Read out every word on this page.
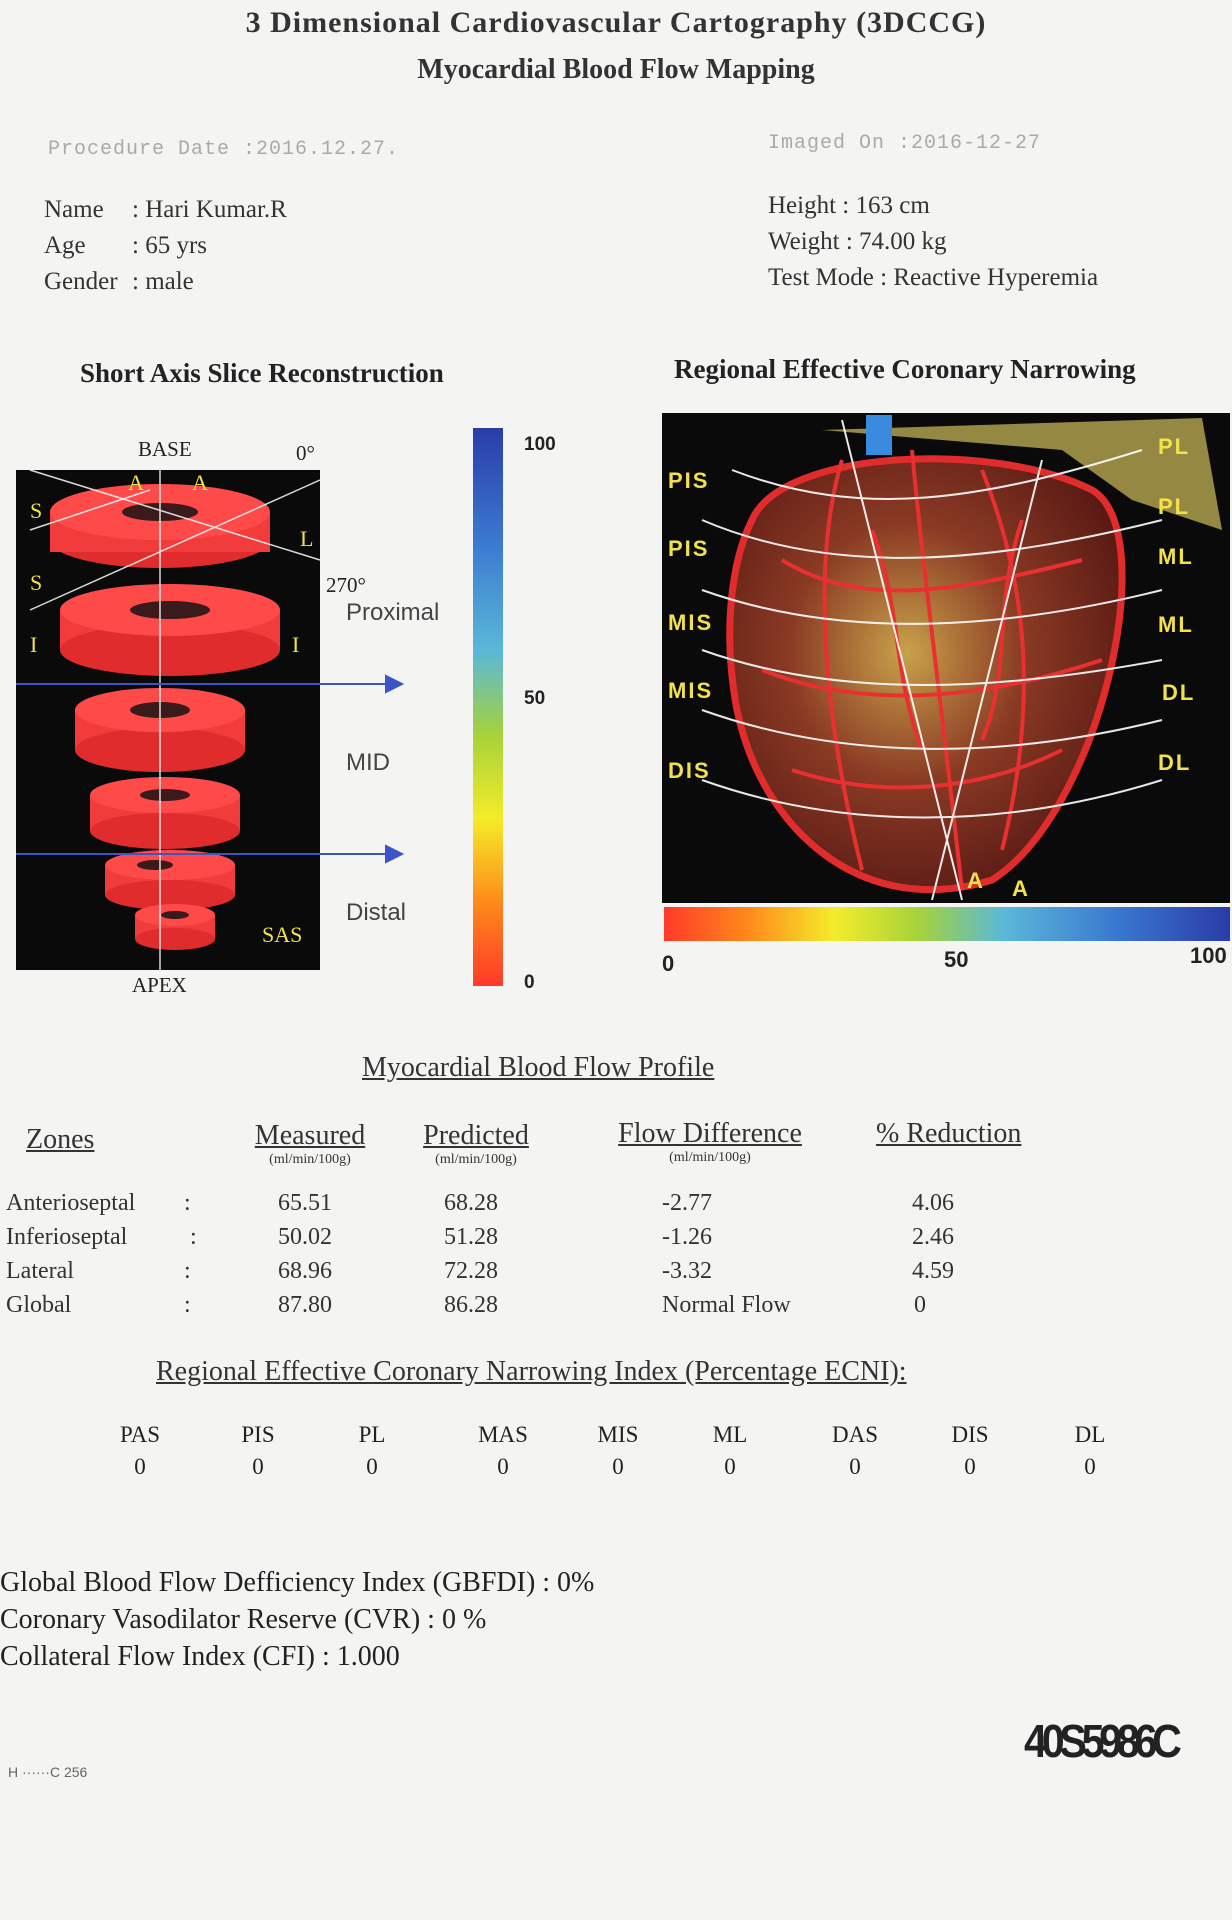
3 Dimensional Cardiovascular Cartography (3DCCG)
Myocardial Blood Flow Mapping
Procedure Date :2016.12.27.	Imaged On :2016-12-27
Name : Hari Kumar.R
Age : 65 yrs
Gender : male
Height : 163 cm
Weight : 74.00 kg
Test Mode : Reactive Hyperemia
Short Axis Slice Reconstruction
BASE
APEX
0°
270°
S
S
I
A A
L
I
SAS
Proximal
MID
Distal
100
50
0
Regional Effective Coronary Narrowing
PIS
PIS
MIS
MIS
DIS
PL
PL
ML
ML
DL
DL
A A
0	50	100
Myocardial Blood Flow Profile
Zones	Measured
(ml/min/100g)
Predicted
(ml/min/100g)
Flow Difference
(ml/min/100g)
% Reduction
Anterioseptal :	65.51	68.28	-2.77	4.06
Inferioseptal	:	50.02	51.28	-1.26	2.46
Lateral	:	68.96	72.28	-3.32	4.59
Global	:	87.80	86.28	Normal Flow	0
Regional Effective Coronary Narrowing Index (Percentage ECNI):
PAS
0
PIS
0
PL
0
MAS
0
MIS
0
ML
0
DAS
0
DIS
0
DL
0
Global Blood Flow Defficiency Index (GBFDI) : 0%
Coronary Vasodilator Reserve (CVR) : 0 %
Collateral Flow Index (CFI) : 1.000
H ······C 256
40S5986C
